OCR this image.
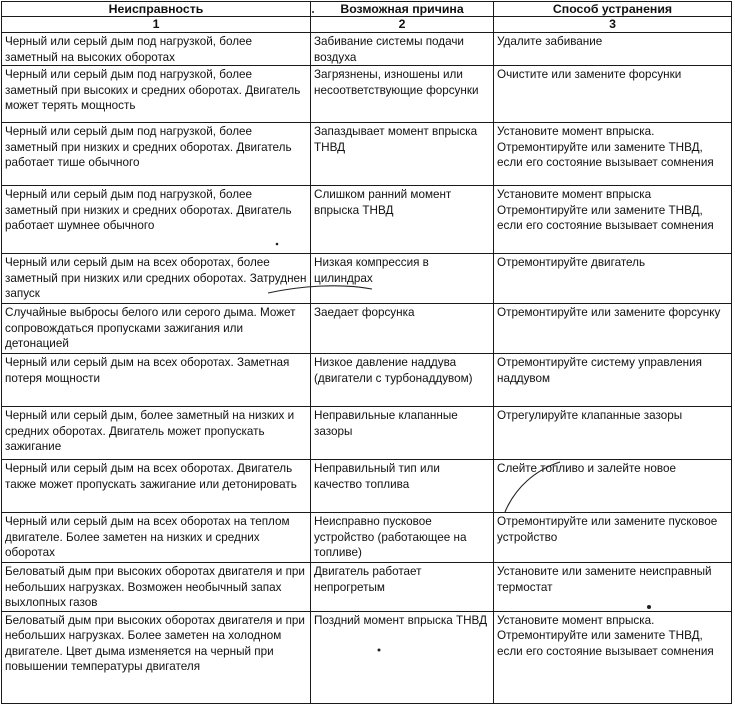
Неисправность	Возможная причина	Способ устранения
1	2	3
Черный или серый дым под нагрузкой, более заметный на высоких оборотах	Забивание системы подачи воздуха	Удалите забивание
Черный или серый дым под нагрузкой, более заметный при высоких и средних оборотах. Двигатель может терять мощность	Загрязнены, изношены или несоответствующие форсунки	Очистите или замените форсунки
Черный или серый дым под нагрузкой, более заметный при низких и средних оборотах. Двигатель работает тише обычного	Запаздывает момент впрыска ТНВД	Установите момент впрыска. Отремонтируйте или замените ТНВД, если его состояние вызывает сомнения
Черный или серый дым под нагрузкой, более заметный при низких и средних оборотах. Двигатель работает шумнее обычного	Слишком ранний момент впрыска ТНВД	Установите момент впрыска Отремонтируйте или замените ТНВД, если его состояние вызывает сомнения
Черный или серый дым на всех оборотах, более заметный при низких или средних оборотах. Затруднен запуск	Низкая компрессия в цилиндрах	Отремонтируйте двигатель
Случайные выбросы белого или серого дыма. Может сопровождаться пропусками зажигания или детонацией	Заедает форсунка	Отремонтируйте или замените форсунку
Черный или серый дым на всех оборотах. Заметная потеря мощности	Низкое давление наддува (двигатели с турбонаддувом)	Отремонтируйте систему управления наддувом
Черный или серый дым, более заметный на низких и средних оборотах. Двигатель может пропускать зажигание	Неправильные клапанные зазоры	Отрегулируйте клапанные зазоры
Черный или серый дым на всех оборотах. Двигатель также может пропускать зажигание или детонировать	Неправильный тип или качество топлива	Слейте топливо и залейте новое
Черный или серый дым на всех оборотах на теплом двигателе. Более заметен на низких и средних оборотах	Неисправно пусковое устройство (работающее на топливе)	Отремонтируйте или замените пусковое устройство
Беловатый дым при высоких оборотах двигателя и при небольших нагрузках. Возможен необычный запах выхлопных газов	Двигатель работает непрогретым	Установите или замените неисправный термостат
Беловатый дым при высоких оборотах двигателя и при небольших нагрузках. Более заметен на холодном двигателе. Цвет дыма изменяется на черный при повышении температуры двигателя	Поздний момент впрыска ТНВД	Установите момент впрыска. Отремонтируйте или замените ТНВД, если его состояние вызывает сомнения
